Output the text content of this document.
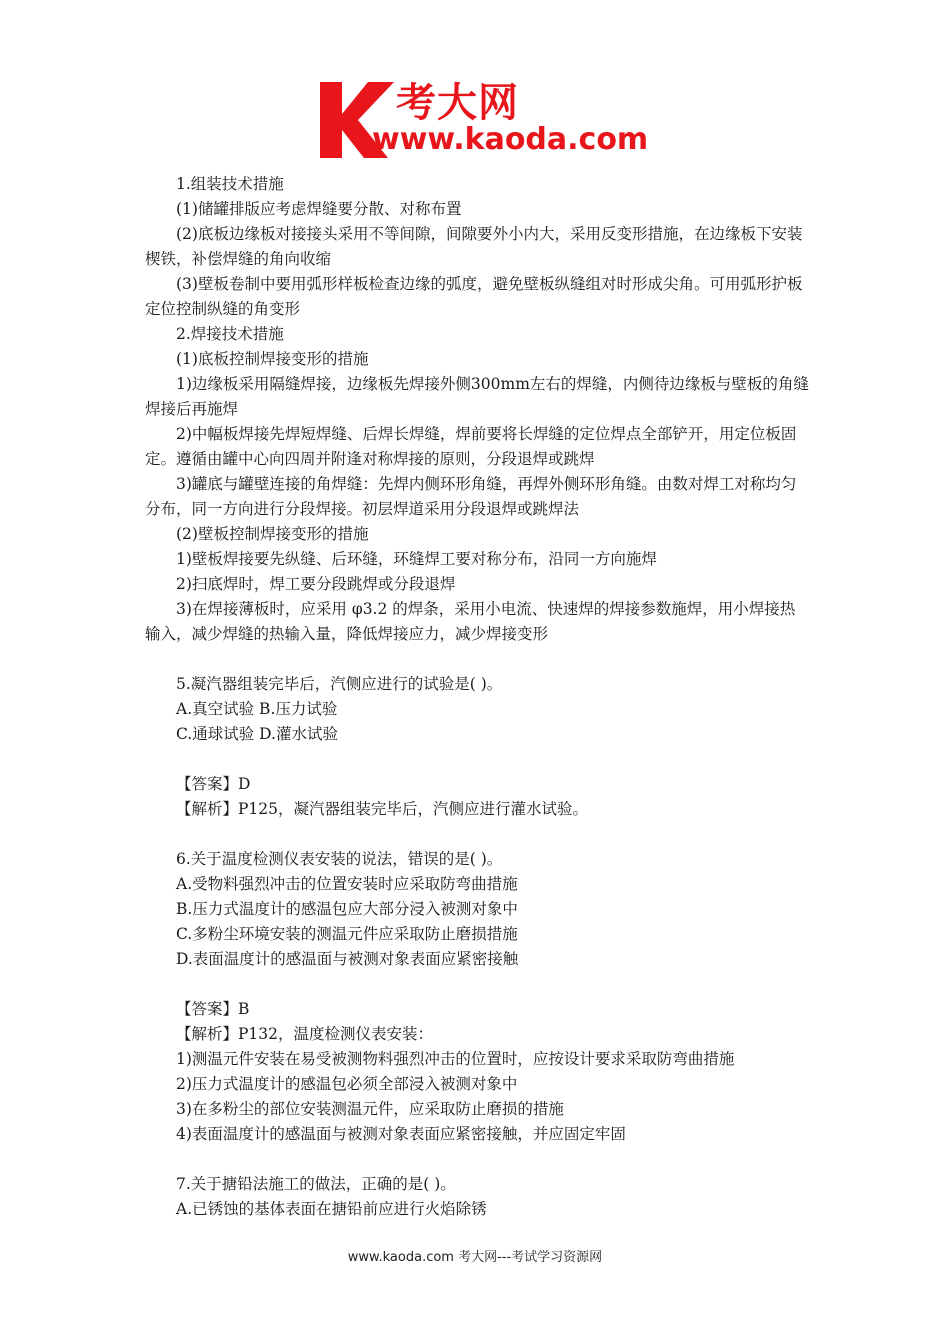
考大网
www.kaoda.com
1.组装技术措施
(1)储罐排版应考虑焊缝要分散、对称布置
(2)底板边缘板对接接头采用不等间隙，间隙要外小内大，采用反变形措施，在边缘板下安装楔铁，补偿焊缝的角向收缩
(3)壁板卷制中要用弧形样板检查边缘的弧度，避免壁板纵缝组对时形成尖角。可用弧形护板定位控制纵缝的角变形
2.焊接技术措施
(1)底板控制焊接变形的措施
1)边缘板采用隔缝焊接，边缘板先焊接外侧300mm左右的焊缝，内侧待边缘板与壁板的角缝焊接后再施焊
2)中幅板焊接先焊短焊缝、后焊长焊缝，焊前要将长焊缝的定位焊点全部铲开，用定位板固定。遵循由罐中心向四周并附逢对称焊接的原则，分段退焊或跳焊
3)罐底与罐壁连接的角焊缝：先焊内侧环形角缝，再焊外侧环形角缝。由数对焊工对称均匀分布，同一方向进行分段焊接。初层焊道采用分段退焊或跳焊法
(2)壁板控制焊接变形的措施
1)壁板焊接要先纵缝、后环缝，环缝焊工要对称分布，沿同一方向施焊
2)扫底焊时，焊工要分段跳焊或分段退焊
3)在焊接薄板时，应采用 φ3.2 的焊条，采用小电流、快速焊的焊接参数施焊，用小焊接热输入，减少焊缝的热输入量，降低焊接应力，减少焊接变形
5.凝汽器组装完毕后，汽侧应进行的试验是( )。
A.真空试验 B.压力试验
C.通球试验 D.灌水试验
【答案】D
【解析】P125，凝汽器组装完毕后，汽侧应进行灌水试验。
6.关于温度检测仪表安装的说法，错误的是( )。
A.受物料强烈冲击的位置安装时应采取防弯曲措施
B.压力式温度计的感温包应大部分浸入被测对象中
C.多粉尘环境安装的测温元件应采取防止磨损措施
D.表面温度计的感温面与被测对象表面应紧密接触
【答案】B
【解析】P132，温度检测仪表安装：
1)测温元件安装在易受被测物料强烈冲击的位置时，应按设计要求采取防弯曲措施
2)压力式温度计的感温包必须全部浸入被测对象中
3)在多粉尘的部位安装测温元件，应采取防止磨损的措施
4)表面温度计的感温面与被测对象表面应紧密接触，并应固定牢固
7.关于搪铅法施工的做法，正确的是( )。
A.已锈蚀的基体表面在搪铅前应进行火焰除锈
www.kaoda.com 考大网---考试学习资源网
